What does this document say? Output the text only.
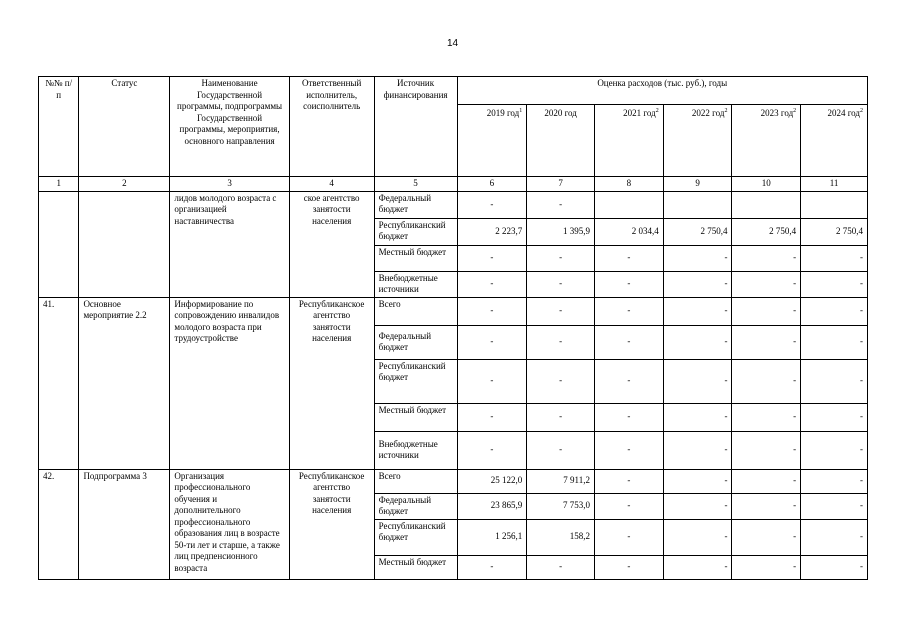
14
№№ п/п	Статус	Наименование Государственной программы, подпрограммы Государственной программы, мероприятия, основного направления	Ответственный исполнитель, соисполнитель	Источник финансирования	Оценка расходов (тыс. руб.), годы					
					2019 год$^1$	2020 год	2021 год$^2$	2022 год$^2$	2023 год$^2$	2024 год$^2$
1	2	3	4	5	6	7	8	9	10	11
		лидов молодого возраста с организацией наставничества	ское агентство занятости населения	Федеральный бюджет	-	-				
				Республиканский бюджет	2 223,7	1 395,9	2 034,4	2 750,4	2 750,4	2 750,4
				Местный бюджет	-	-	-	-	-	-
				Внебюджетные источники	-	-	-	-	-	-
41.	Основное мероприятие 2.2	Информирование по сопровождению инвалидов молодого возраста при трудоустройстве	Республиканское агентство занятости населения	Всего	-	-	-	-	-	-
				Федеральный бюджет	-	-	-	-	-	-
				Республиканский бюджет	-	-	-	-	-	-
				Местный бюджет	-	-	-	-	-	-
				Внебюджетные источники	-	-	-	-	-	-
42.	Подпрограмма 3	Организация профессионального обучения и дополнительного профессионального образования лиц в возрасте 50-ти лет и старше, а также лиц предпенсионного возраста	Республиканское агентство занятости населения	Всего	25 122,0	7 911,2	-	-	-	-
				Федеральный бюджет	23 865,9	7 753,0	-	-	-	-
				Республиканский бюджет	1 256,1	158,2	-	-	-	-
				Местный бюджет	-	-	-	-	-	-
